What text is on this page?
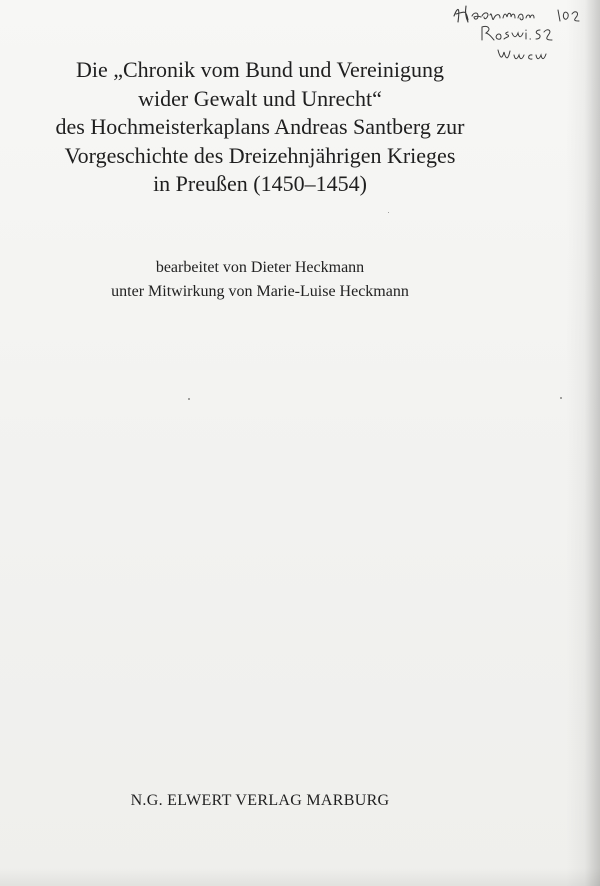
Die „Chronik vom Bund und Vereinigung
wider Gewalt und Unrecht“
des Hochmeisterkaplans Andreas Santberg zur
Vorgeschichte des Dreizehnjährigen Krieges
in Preußen (1450–1454)
bearbeitet von Dieter Heckmann
unter Mitwirkung von Marie-Luise Heckmann
N.G. ELWERT VERLAG MARBURG
